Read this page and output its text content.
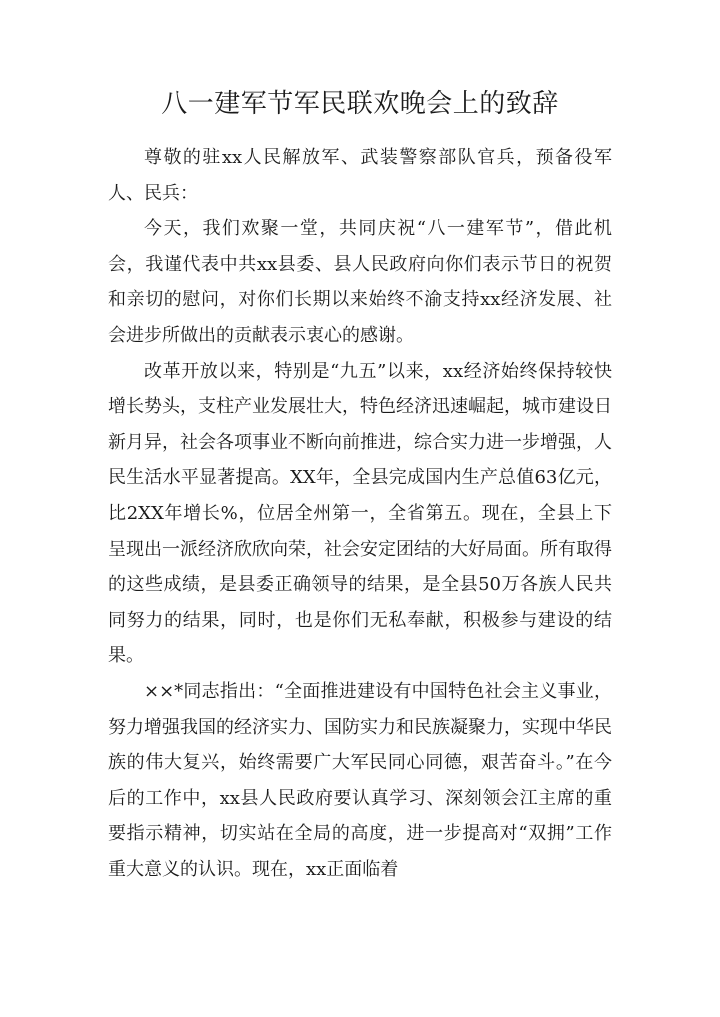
八一建军节军民联欢晚会上的致辞

尊敬的驻xx人民解放军、武装警察部队官兵，预备役军人、民兵：

今天，我们欢聚一堂，共同庆祝“八一建军节”，借此机会，我谨代表中共xx县委、县人民政府向你们表示节日的祝贺和亲切的慰问，对你们长期以来始终不渝支持xx经济发展、社会进步所做出的贡献表示衷心的感谢。

改革开放以来，特别是“九五”以来，xx经济始终保持较快增长势头，支柱产业发展壮大，特色经济迅速崛起，城市建设日新月异，社会各项事业不断向前推进，综合实力进一步增强，人民生活水平显著提高。XX年，全县完成国内生产总值63亿元，比2XX年增长%，位居全州第一，全省第五。现在，全县上下呈现出一派经济欣欣向荣，社会安定团结的大好局面。所有取得的这些成绩，是县委正确领导的结果，是全县50万各族人民共同努力的结果，同时，也是你们无私奉献，积极参与建设的结果。

××*同志指出：“全面推进建设有中国特色社会主义事业，努力增强我国的经济实力、国防实力和民族凝聚力，实现中华民族的伟大复兴，始终需要广大军民同心同德，艰苦奋斗。”在今后的工作中，xx县人民政府要认真学习、深刻领会江主席的重要指示精神，切实站在全局的高度，进一步提高对“双拥”工作重大意义的认识。现在，xx正面临着
